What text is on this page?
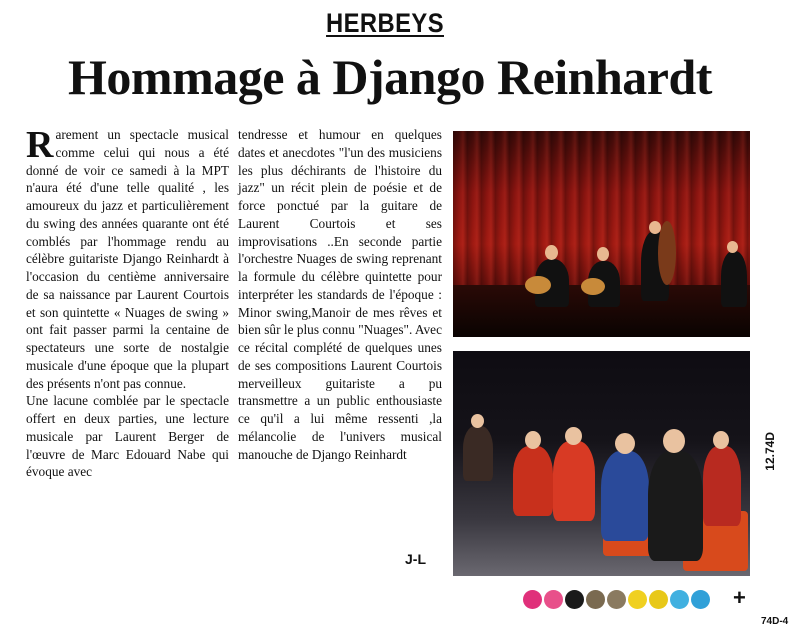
HERBEYS
Hommage à Django Reinhardt

Rarement un spectacle musical comme celui qui nous a été donné de voir ce samedi à la MPT n'aura été d'une telle qualité , les amoureux du jazz et particulièrement du swing des années quarante ont été comblés par l'hommage rendu au célèbre guitariste Django Reinhardt à l'occasion du centième anniversaire de sa naissance par Laurent Courtois et son quintette « Nuages de swing » ont fait passer parmi la centaine de spectateurs une sorte de nostalgie musicale d'une époque que la plupart des présents n'ont pas connue.

Une lacune comblée par le spectacle offert en deux parties, une lecture musicale par Laurent Berger de l'œuvre de Marc Edouard Nabe qui évoque avec

tendresse et humour en quelques dates et anecdotes "l'un des musiciens les plus déchirants de l'histoire du jazz" un récit plein de poésie et de force ponctué par la guitare de Laurent Courtois et ses improvisations ..En seconde partie l'orchestre Nuages de swing reprenant la formule du célèbre quintette pour interpréter les standards de l'époque : Minor swing,Manoir de mes rêves et bien sûr le plus connu "Nuages". Avec ce récital complété de quelques unes de ses compositions Laurent Courtois merveilleux guitariste a pu transmettre a un public enthousiaste ce qu'il a lui même ressenti ,la mélancolie de l'univers musical manouche de Django Reinhardt

J-L
12.74D
+
74D-4
